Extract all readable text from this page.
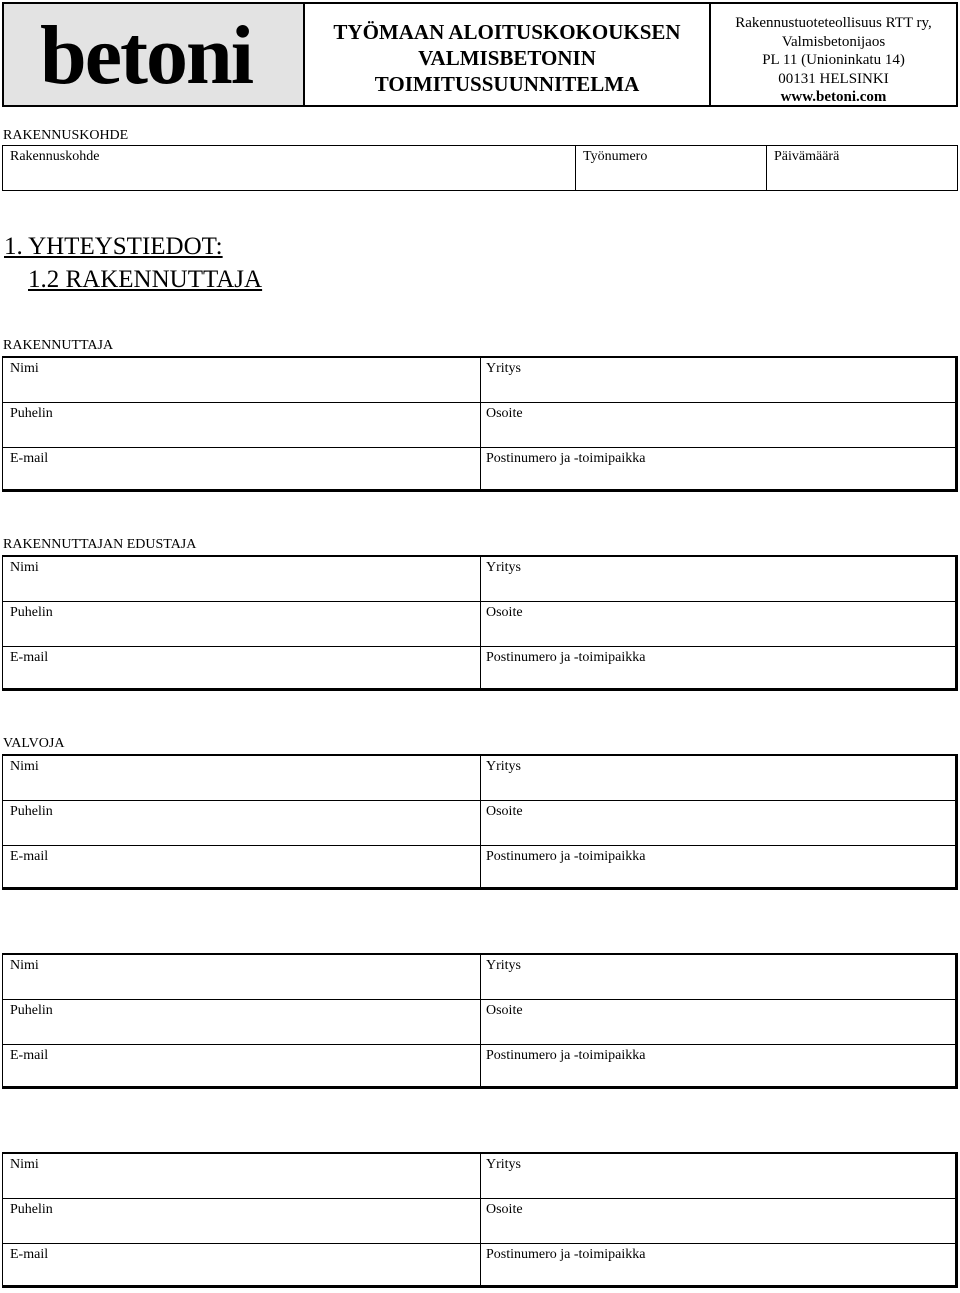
betoni	TYÖMAAN ALOITUSKOKOUKSEN
VALMISBETONIN
TOIMITUSSUUNNITELMA
Rakennustuoteteollisuus RTT ry,
Valmisbetonijaos
PL 11 (Unioninkatu 14)
00131 HELSINKI
www.betoni.com
RAKENNUSKOHDE
Rakennuskohde	Työnumero	Päivämäärä
1. YHTEYSTIEDOT:
1.2 RAKENNUTTAJA
RAKENNUTTAJA
Nimi	Yritys
Puhelin	Osoite
E-mail	Postinumero ja -toimipaikka
RAKENNUTTAJAN EDUSTAJA
Nimi	Yritys
Puhelin	Osoite
E-mail	Postinumero ja -toimipaikka
VALVOJA
Nimi	Yritys
Puhelin	Osoite
E-mail	Postinumero ja -toimipaikka
Nimi	Yritys
Puhelin	Osoite
E-mail	Postinumero ja -toimipaikka
Nimi	Yritys
Puhelin	Osoite
E-mail	Postinumero ja -toimipaikka
